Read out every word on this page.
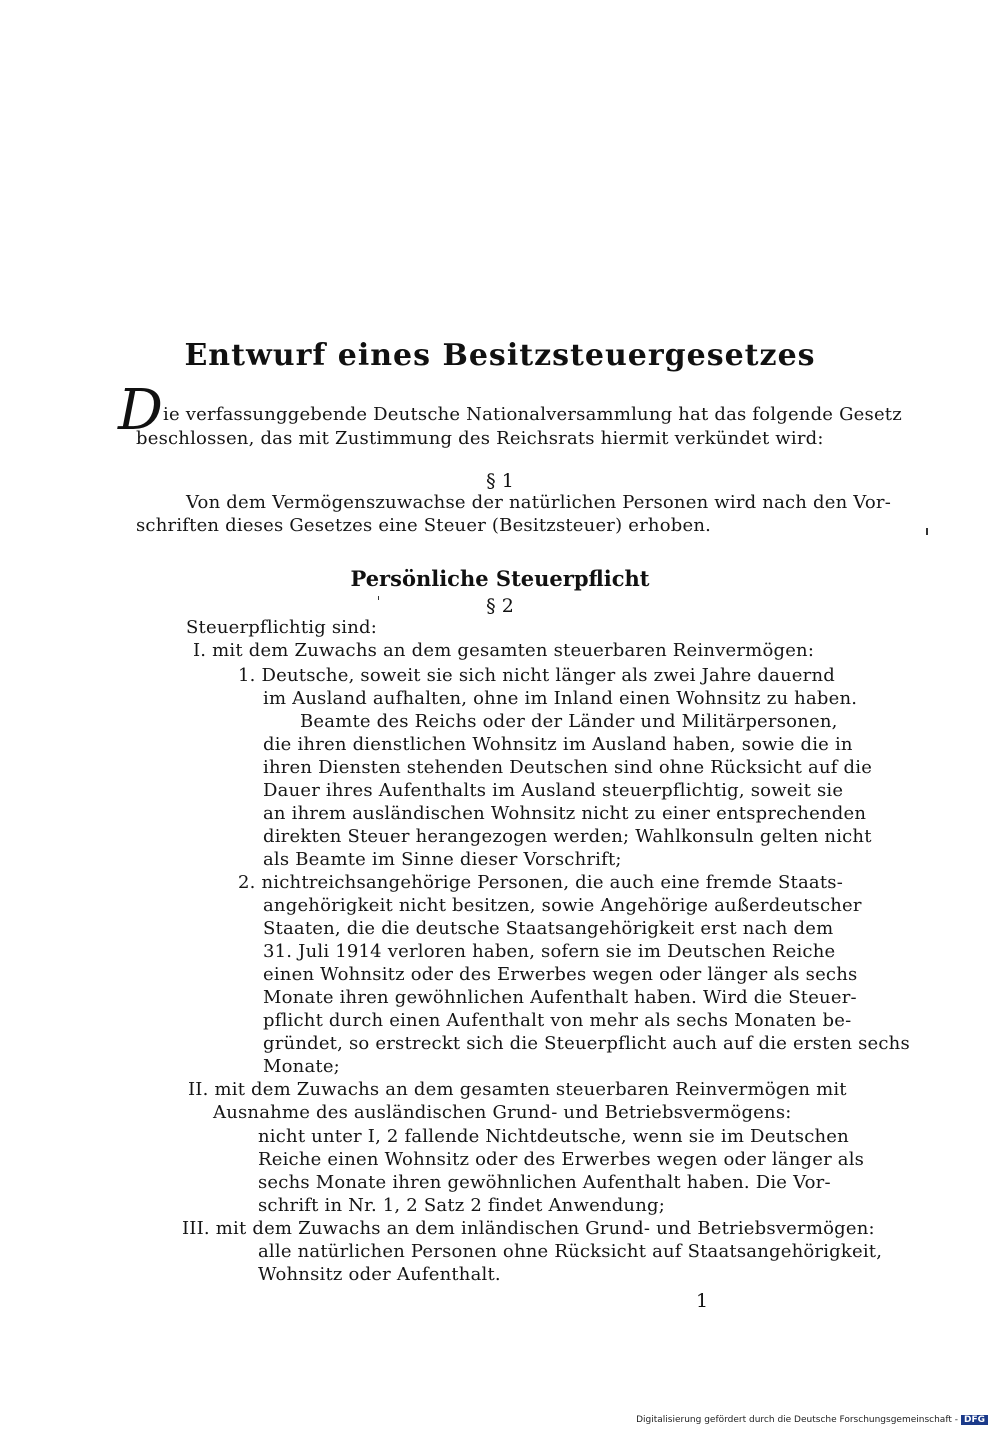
Entwurf eines Besitzsteuergesetzes
D ie verfassunggebende Deutsche Nationalversammlung hat das folgende Gesetz
beschlossen, das mit Zustimmung des Reichsrats hiermit verkündet wird:
§ 1
Von dem Vermögenszuwachse der natürlichen Personen wird nach den Vor-
schriften dieses Gesetzes eine Steuer (Besitzsteuer) erhoben.
Persönliche Steuerpflicht
§ 2
Steuerpflichtig sind:
I. mit dem Zuwachs an dem gesamten steuerbaren Reinvermögen:
1. Deutsche, soweit sie sich nicht länger als zwei Jahre dauernd
im Ausland aufhalten, ohne im Inland einen Wohnsitz zu haben.
Beamte des Reichs oder der Länder und Militärpersonen,
die ihren dienstlichen Wohnsitz im Ausland haben, sowie die in
ihren Diensten stehenden Deutschen sind ohne Rücksicht auf die
Dauer ihres Aufenthalts im Ausland steuerpflichtig, soweit sie
an ihrem ausländischen Wohnsitz nicht zu einer entsprechenden
direkten Steuer herangezogen werden; Wahlkonsuln gelten nicht
als Beamte im Sinne dieser Vorschrift;
2. nichtreichsangehörige Personen, die auch eine fremde Staats-
angehörigkeit nicht besitzen, sowie Angehörige außerdeutscher
Staaten, die die deutsche Staatsangehörigkeit erst nach dem
31. Juli 1914 verloren haben, sofern sie im Deutschen Reiche
einen Wohnsitz oder des Erwerbes wegen oder länger als sechs
Monate ihren gewöhnlichen Aufenthalt haben. Wird die Steuer-
pflicht durch einen Aufenthalt von mehr als sechs Monaten be-
gründet, so erstreckt sich die Steuerpflicht auch auf die ersten sechs
Monate;
II. mit dem Zuwachs an dem gesamten steuerbaren Reinvermögen mit
Ausnahme des ausländischen Grund- und Betriebsvermögens:
nicht unter I, 2 fallende Nichtdeutsche, wenn sie im Deutschen
Reiche einen Wohnsitz oder des Erwerbes wegen oder länger als
sechs Monate ihren gewöhnlichen Aufenthalt haben. Die Vor-
schrift in Nr. 1, 2 Satz 2 findet Anwendung;
III. mit dem Zuwachs an dem inländischen Grund- und Betriebsvermögen:
alle natürlichen Personen ohne Rücksicht auf Staatsangehörigkeit,
Wohnsitz oder Aufenthalt.
1
Digitalisierung gefördert durch die Deutsche Forschungsgemeinschaft - DFG
